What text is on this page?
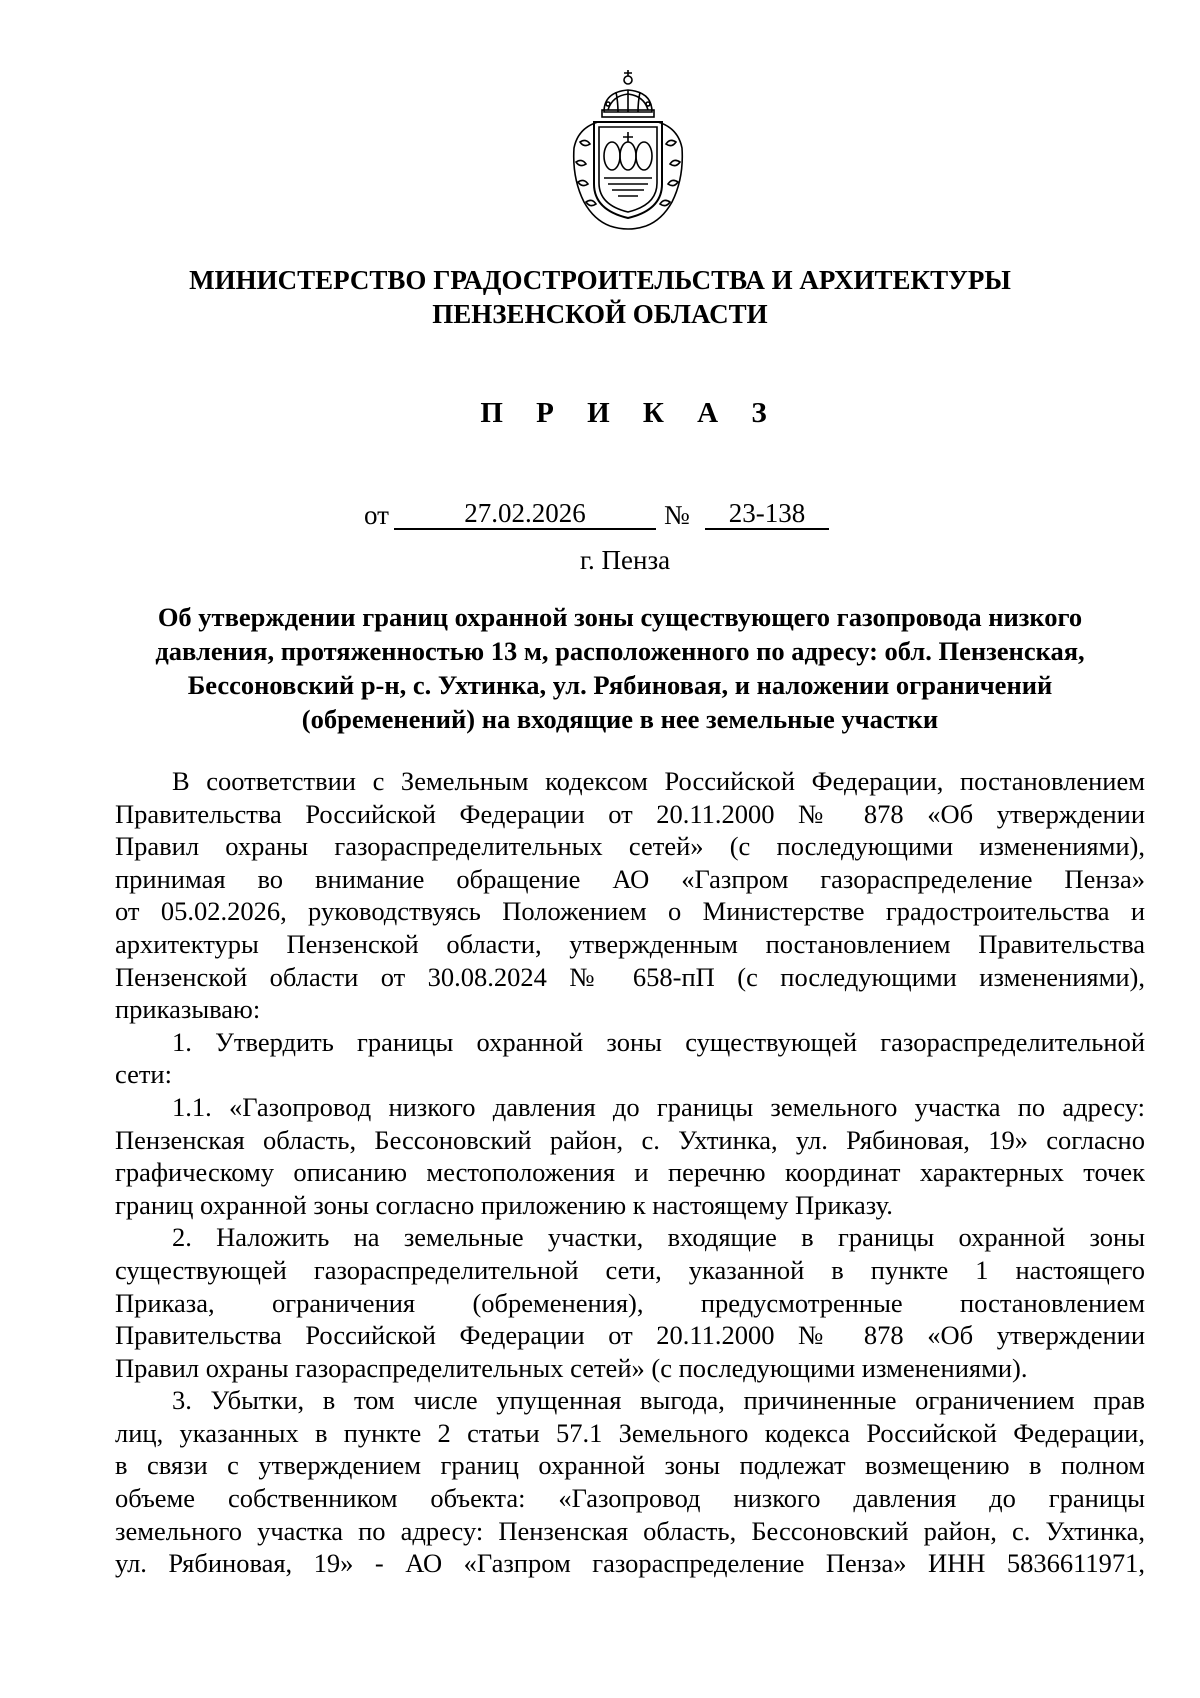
МИНИСТЕРСТВО ГРАДОСТРОИТЕЛЬСТВА И АРХИТЕКТУРЫ
ПЕНЗЕНСКОЙ ОБЛАСТИ
П Р И К А З
от	27.02.2026	№	23-138
г. Пенза
Об утверждении границ охранной зоны существующего газопровода низкого
давления, протяженностью 13 м, расположенного по адресу: обл. Пензенская,
Бессоновский р-н, с. Ухтинка, ул. Рябиновая, и наложении ограничений
(обременений) на входящие в нее земельные участки
В соответствии с Земельным кодексом Российской Федерации, постановлением
Правительства Российской Федерации от 20.11.2000 № 878 «Об утверждении
Правил охраны газораспределительных сетей» (с последующими изменениями),
принимая во внимание обращение АО «Газпром газораспределение Пенза»
от 05.02.2026, руководствуясь Положением о Министерстве градостроительства и
архитектуры Пензенской области, утвержденным постановлением Правительства
Пензенской области от 30.08.2024 № 658-пП (с последующими изменениями),
приказываю:
1. Утвердить границы охранной зоны существующей газораспределительной
сети:
1.1. «Газопровод низкого давления до границы земельного участка по адресу:
Пензенская область, Бессоновский район, с. Ухтинка, ул. Рябиновая, 19» согласно
графическому описанию местоположения и перечню координат характерных точек
границ охранной зоны согласно приложению к настоящему Приказу.
2. Наложить на земельные участки, входящие в границы охранной зоны
существующей газораспределительной сети, указанной в пункте 1 настоящего
Приказа, ограничения (обременения), предусмотренные постановлением
Правительства Российской Федерации от 20.11.2000 № 878 «Об утверждении
Правил охраны газораспределительных сетей» (с последующими изменениями).
3. Убытки, в том числе упущенная выгода, причиненные ограничением прав
лиц, указанных в пункте 2 статьи 57.1 Земельного кодекса Российской Федерации,
в связи с утверждением границ охранной зоны подлежат возмещению в полном
объеме собственником объекта: «Газопровод низкого давления до границы
земельного участка по адресу: Пензенская область, Бессоновский район, с. Ухтинка,
ул. Рябиновая, 19» - АО «Газпром газораспределение Пенза» ИНН 5836611971,
